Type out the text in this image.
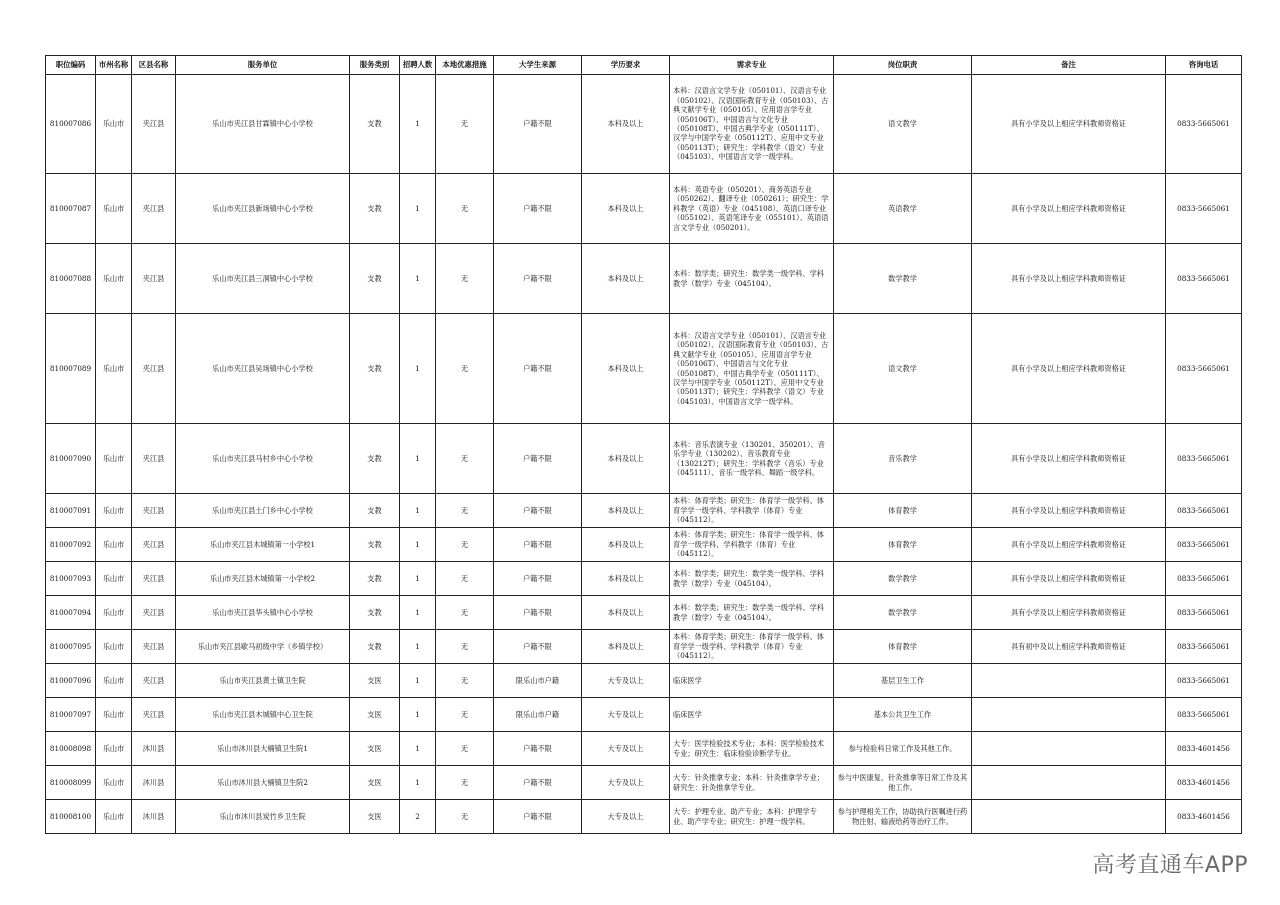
职位编码	市州名称	区县名称	服务单位	服务类别	招聘人数	本地优惠措施	大学生来源	学历要求	需求专业	岗位职责	备注	咨询电话
810007086	乐山市	夹江县	乐山市夹江县甘霖镇中心小学校	支教	1	无	户籍不限	本科及以上	本科：汉语言文学专业（050101）、汉语言专业（050102）、汉语国际教育专业（050103）、古典文献学专业（050105）、应用语言学专业（050106T）、中国语言与文化专业（050108T）、中国古典学专业（050111T）、汉学与中国学专业（050112T）、应用中文专业（050113T）；研究生：学科教学（语文）专业（045103）、中国语言文学一级学科。	语文教学	具有小学及以上相应学科教师资格证	0833-5665061
810007087	乐山市	夹江县	乐山市夹江县新场镇中心小学校	支教	1	无	户籍不限	本科及以上	本科：英语专业（050201）、商务英语专业（050262）、翻译专业（050261）；研究生：学科教学（英语）专业（045108）、英语口译专业（055102）、英语笔译专业（055101）、英语语言文学专业（050201）。	英语教学	具有小学及以上相应学科教师资格证	0833-5665061
810007088	乐山市	夹江县	乐山市夹江县三洞镇中心小学校	支教	1	无	户籍不限	本科及以上	本科：数学类；研究生：数学类一级学科、学科教学（数学）专业（045104）。	数学教学	具有小学及以上相应学科教师资格证	0833-5665061
810007089	乐山市	夹江县	乐山市夹江县吴场镇中心小学校	支教	1	无	户籍不限	本科及以上	本科：汉语言文学专业（050101）、汉语言专业（050102）、汉语国际教育专业（050103）、古典文献学专业（050105）、应用语言学专业（050106T）、中国语言与文化专业（050108T）、中国古典学专业（050111T）、汉学与中国学专业（050112T）、应用中文专业（050113T）；研究生：学科教学（语文）专业（045103）、中国语言文学一级学科。	语文教学	具有小学及以上相应学科教师资格证	0833-5665061
810007090	乐山市	夹江县	乐山市夹江县马村乡中心小学校	支教	1	无	户籍不限	本科及以上	本科：音乐表演专业（130201、350201）、音乐学专业（130202）、音乐教育专业（130212T）；研究生：学科教学（音乐）专业（045111）、音乐一级学科、舞蹈一级学科。	音乐教学	具有小学及以上相应学科教师资格证	0833-5665061
810007091	乐山市	夹江县	乐山市夹江县土门乡中心小学校	支教	1	无	户籍不限	本科及以上	本科：体育学类；研究生：体育学一级学科、体育学学一级学科、学科教学（体育）专业（045112）。	体育教学	具有小学及以上相应学科教师资格证	0833-5665061
810007092	乐山市	夹江县	乐山市夹江县木城镇第一小学校1	支教	1	无	户籍不限	本科及以上	本科：体育学类；研究生：体育学一级学科、体育学一级学科、学科教学（体育）专业（045112）。	体育教学	具有小学及以上相应学科教师资格证	0833-5665061
810007093	乐山市	夹江县	乐山市夹江县木城镇第一小学校2	支教	1	无	户籍不限	本科及以上	本科：数学类；研究生：数学类一级学科、学科教学（数学）专业（045104）。	数学教学	具有小学及以上相应学科教师资格证	0833-5665061
810007094	乐山市	夹江县	乐山市夹江县华头镇中心小学校	支教	1	无	户籍不限	本科及以上	本科：数学类；研究生：数学类一级学科、学科教学（数学）专业（045104）。	数学教学	具有小学及以上相应学科教师资格证	0833-5665061
810007095	乐山市	夹江县	乐山市夹江县歇马初级中学（乡镇学校）	支教	1	无	户籍不限	本科及以上	本科：体育学类；研究生：体育学一级学科、体育学学一级学科、学科教学（体育）专业（045112）。	体育教学	具有初中及以上相应学科教师资格证	0833-5665061
810007096	乐山市	夹江县	乐山市夹江县黄土镇卫生院	支医	1	无	限乐山市户籍	大专及以上	临床医学	基层卫生工作		0833-5665061
810007097	乐山市	夹江县	乐山市夹江县木城镇中心卫生院	支医	1	无	限乐山市户籍	大专及以上	临床医学	基本公共卫生工作		0833-5665061
810008098	乐山市	沐川县	乐山市沐川县大楠镇卫生院1	支医	1	无	户籍不限	大专及以上	大专：医学检验技术专业；本科：医学检验技术专业；研究生：临床检验诊断学专业。	参与检验科日常工作及其他工作。		0833-4601456
810008099	乐山市	沐川县	乐山市沐川县大楠镇卫生院2	支医	1	无	户籍不限	大专及以上	大专：针灸推拿专业；本科：针灸推拿学专业；研究生：针灸推拿学专业。	参与中医康复、针灸推拿等日常工作及其他工作。		0833-4601456
810008100	乐山市	沐川县	乐山市沐川县炭竹乡卫生院	支医	2	无	户籍不限	大专及以上	大专：护理专业、助产专业；本科：护理学专业、助产学专业；研究生：护理一级学科。	参与护理相关工作，协助执行医嘱进行药物注射、输液给药等治疗工作。		0833-4601456
高考直通车APP
